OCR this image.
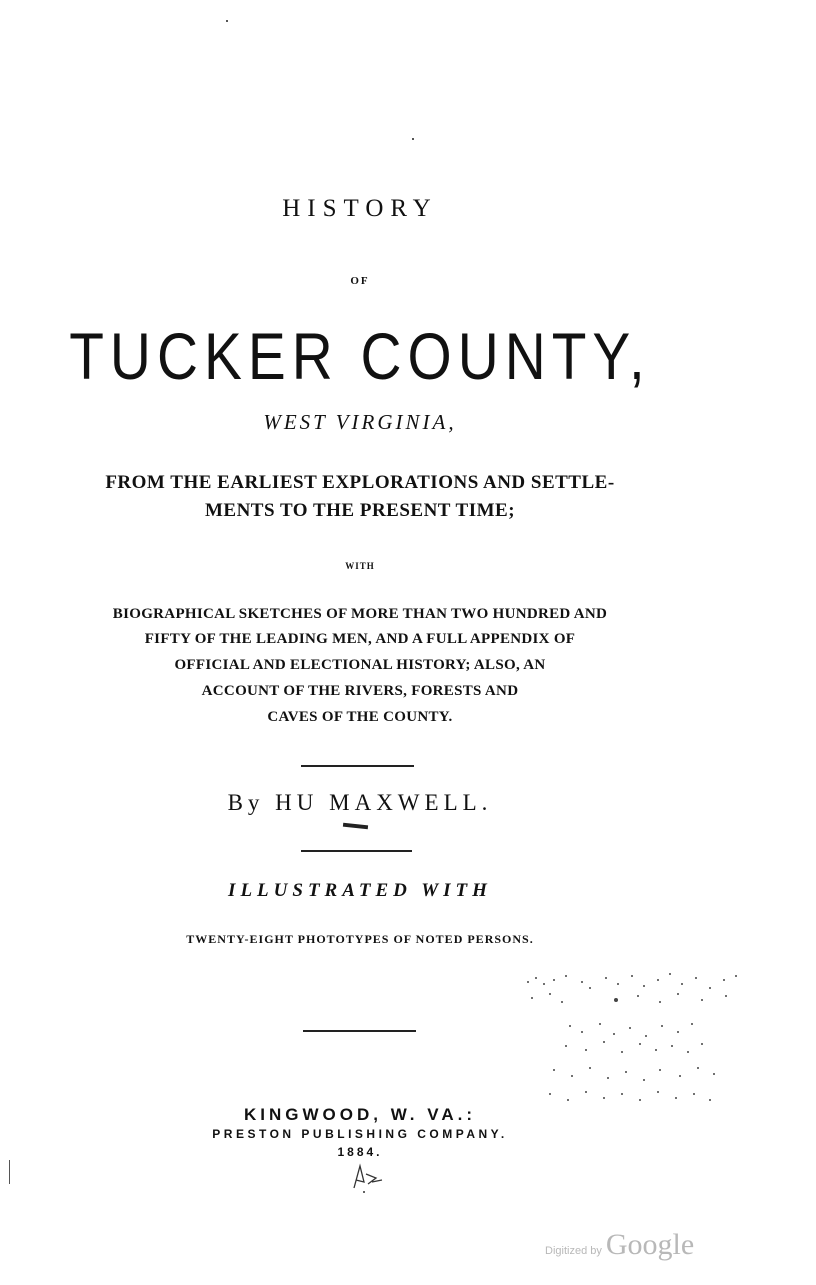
HISTORY
OF
TUCKER COUNTY,
WEST VIRGINIA,
FROM THE EARLIEST EXPLORATIONS AND SETTLE-
MENTS TO THE PRESENT TIME;
WITH
BIOGRAPHICAL SKETCHES OF MORE THAN TWO HUNDRED AND
FIFTY OF THE LEADING MEN, AND A FULL APPENDIX OF
OFFICIAL AND ELECTIONAL HISTORY; ALSO, AN
ACCOUNT OF THE RIVERS, FORESTS AND
CAVES OF THE COUNTY.
By HU MAXWELL.
ILLUSTRATED WITH
TWENTY-EIGHT PHOTOTYPES OF NOTED PERSONS.
KINGWOOD, W. VA.:
PRESTON PUBLISHING COMPANY.
1884.
Digitized by Google
